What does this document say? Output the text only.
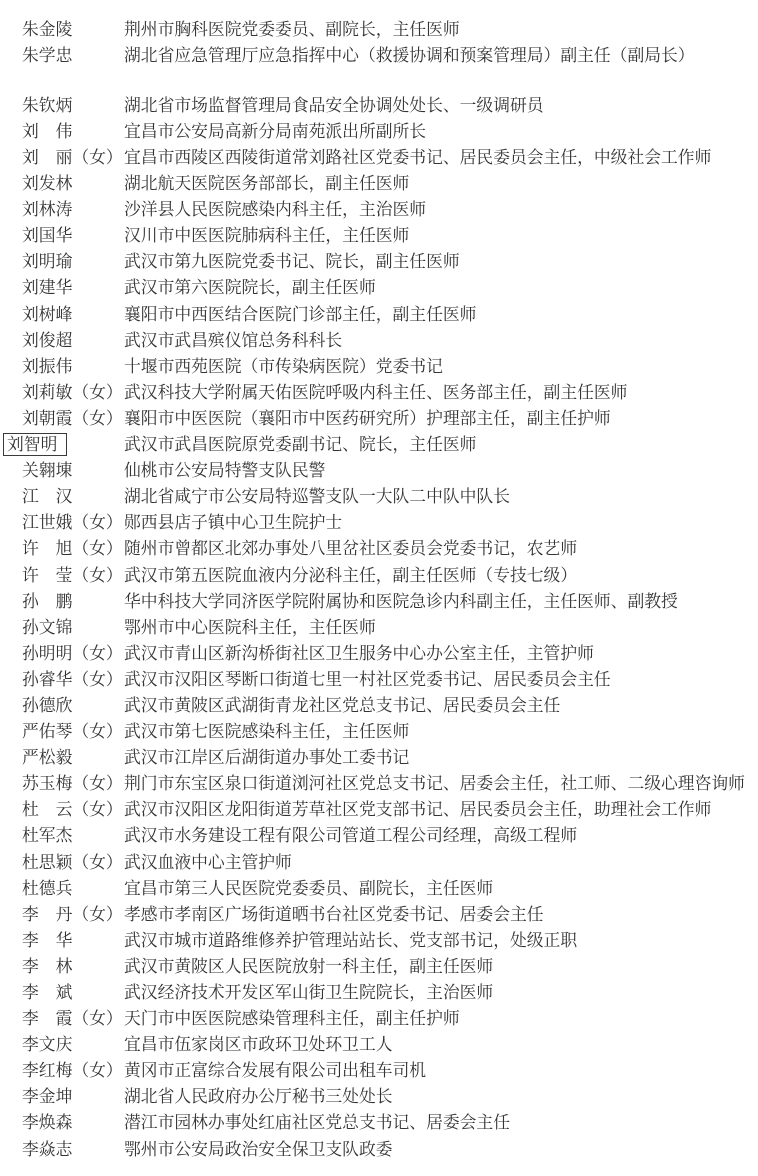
朱金陵	荆州市胸科医院党委委员、副院长，主任医师
朱学忠	湖北省应急管理厅应急指挥中心（救援协调和预案管理局）副主任（副局长）
朱钦炳	湖北省市场监督管理局食品安全协调处处长、一级调研员
刘　伟	宜昌市公安局高新分局南苑派出所副所长
刘　丽 （女） 宜昌市西陵区西陵街道常刘路社区党委书记、居民委员会主任，中级社会工作师
刘发林	湖北航天医院医务部部长，副主任医师
刘林涛	沙洋县人民医院感染内科主任，主治医师
刘国华	汉川市中医医院肺病科主任，主任医师
刘明瑜	武汉市第九医院党委书记、院长，副主任医师
刘建华	武汉市第六医院院长，副主任医师
刘树峰	襄阳市中西医结合医院门诊部主任，副主任医师
刘俊超	武汉市武昌殡仪馆总务科科长
刘振伟	十堰市西苑医院（市传染病医院）党委书记
刘莉敏 （女） 武汉科技大学附属天佑医院呼吸内科主任、医务部主任，副主任医师
刘朝霞 （女） 襄阳市中医医院（襄阳市中医药研究所）护理部主任，副主任护师
刘智明	武汉市武昌医院原党委副书记、院长，主任医师
关翱埬	仙桃市公安局特警支队民警
江　汉	湖北省咸宁市公安局特巡警支队一大队二中队中队长
江世娥 （女） 郧西县店子镇中心卫生院护士
许　旭 （女） 随州市曾都区北郊办事处八里岔社区委员会党委书记，农艺师
许　莹 （女） 武汉市第五医院血液内分泌科主任，副主任医师（专技七级）
孙　鹏	华中科技大学同济医学院附属协和医院急诊内科副主任，主任医师、副教授
孙文锦	鄂州市中心医院科主任，主任医师
孙明明 （女） 武汉市青山区新沟桥街社区卫生服务中心办公室主任，主管护师
孙睿华 （女） 武汉市汉阳区琴断口街道七里一村社区党委书记、居民委员会主任
孙德欣	武汉市黄陂区武湖街青龙社区党总支书记、居民委员会主任
严佑琴 （女） 武汉市第七医院感染科主任，主任医师
严松毅	武汉市江岸区后湖街道办事处工委书记
苏玉梅 （女） 荆门市东宝区泉口街道浏河社区党总支书记、居委会主任，社工师、二级心理咨询师
杜　云 （女） 武汉市汉阳区龙阳街道芳草社区党支部书记、居民委员会主任，助理社会工作师
杜军杰	武汉市水务建设工程有限公司管道工程公司经理，高级工程师
杜思颖 （女） 武汉血液中心主管护师
杜德兵	宜昌市第三人民医院党委委员、副院长，主任医师
李　丹 （女） 孝感市孝南区广场街道晒书台社区党委书记、居委会主任
李　华	武汉市城市道路维修养护管理站站长、党支部书记，处级正职
李　林	武汉市黄陂区人民医院放射一科主任，副主任医师
李　斌	武汉经济技术开发区军山街卫生院院长，主治医师
李　霞 （女） 天门市中医医院感染管理科主任，副主任护师
李文庆	宜昌市伍家岗区市政环卫处环卫工人
李红梅 （女） 黄冈市正富综合发展有限公司出租车司机
李金坤	湖北省人民政府办公厅秘书三处处长
李焕森	潜江市园林办事处红庙社区党总支书记、居委会主任
李焱志	鄂州市公安局政治安全保卫支队政委
